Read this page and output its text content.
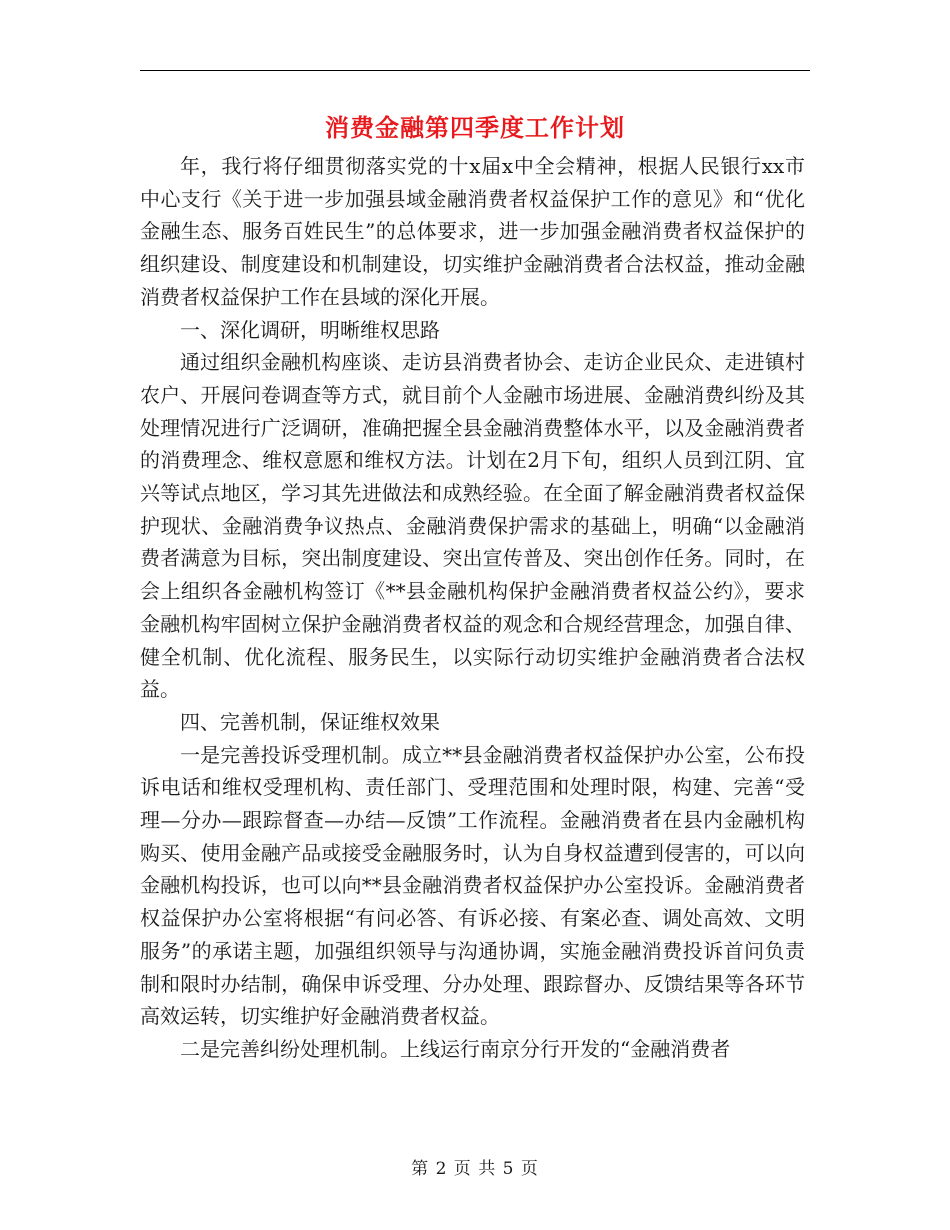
消费金融第四季度工作计划

年，我行将仔细贯彻落实党的十x届x中全会精神，根据人民银行xx市中心支行《关于进一步加强县域金融消费者权益保护工作的意见》和“优化金融生态、服务百姓民生”的总体要求，进一步加强金融消费者权益保护的组织建设、制度建设和机制建设，切实维护金融消费者合法权益，推动金融消费者权益保护工作在县域的深化开展。

一、深化调研，明晰维权思路

通过组织金融机构座谈、走访县消费者协会、走访企业民众、走进镇村农户、开展问卷调查等方式，就目前个人金融市场进展、金融消费纠纷及其处理情况进行广泛调研，准确把握全县金融消费整体水平，以及金融消费者的消费理念、维权意愿和维权方法。计划在2月下旬，组织人员到江阴、宜兴等试点地区，学习其先进做法和成熟经验。在全面了解金融消费者权益保护现状、金融消费争议热点、金融消费保护需求的基础上，明确“以金融消费者满意为目标，突出制度建设、突出宣传普及、突出创作任务。同时，在会上组织各金融机构签订《**县金融机构保护金融消费者权益公约》，要求金融机构牢固树立保护金融消费者权益的观念和合规经营理念，加强自律、健全机制、优化流程、服务民生，以实际行动切实维护金融消费者合法权益。

四、完善机制，保证维权效果

一是完善投诉受理机制。成立**县金融消费者权益保护办公室，公布投诉电话和维权受理机构、责任部门、受理范围和处理时限，构建、完善“受理—分办—跟踪督查—办结—反馈”工作流程。金融消费者在县内金融机构购买、使用金融产品或接受金融服务时，认为自身权益遭到侵害的，可以向金融机构投诉，也可以向**县金融消费者权益保护办公室投诉。金融消费者权益保护办公室将根据“有问必答、有诉必接、有案必查、调处高效、文明服务”的承诺主题，加强组织领导与沟通协调，实施金融消费投诉首问负责制和限时办结制，确保申诉受理、分办处理、跟踪督办、反馈结果等各环节高效运转，切实维护好金融消费者权益。

二是完善纠纷处理机制。上线运行南京分行开发的“金融消费者

第 2 页 共 5 页
